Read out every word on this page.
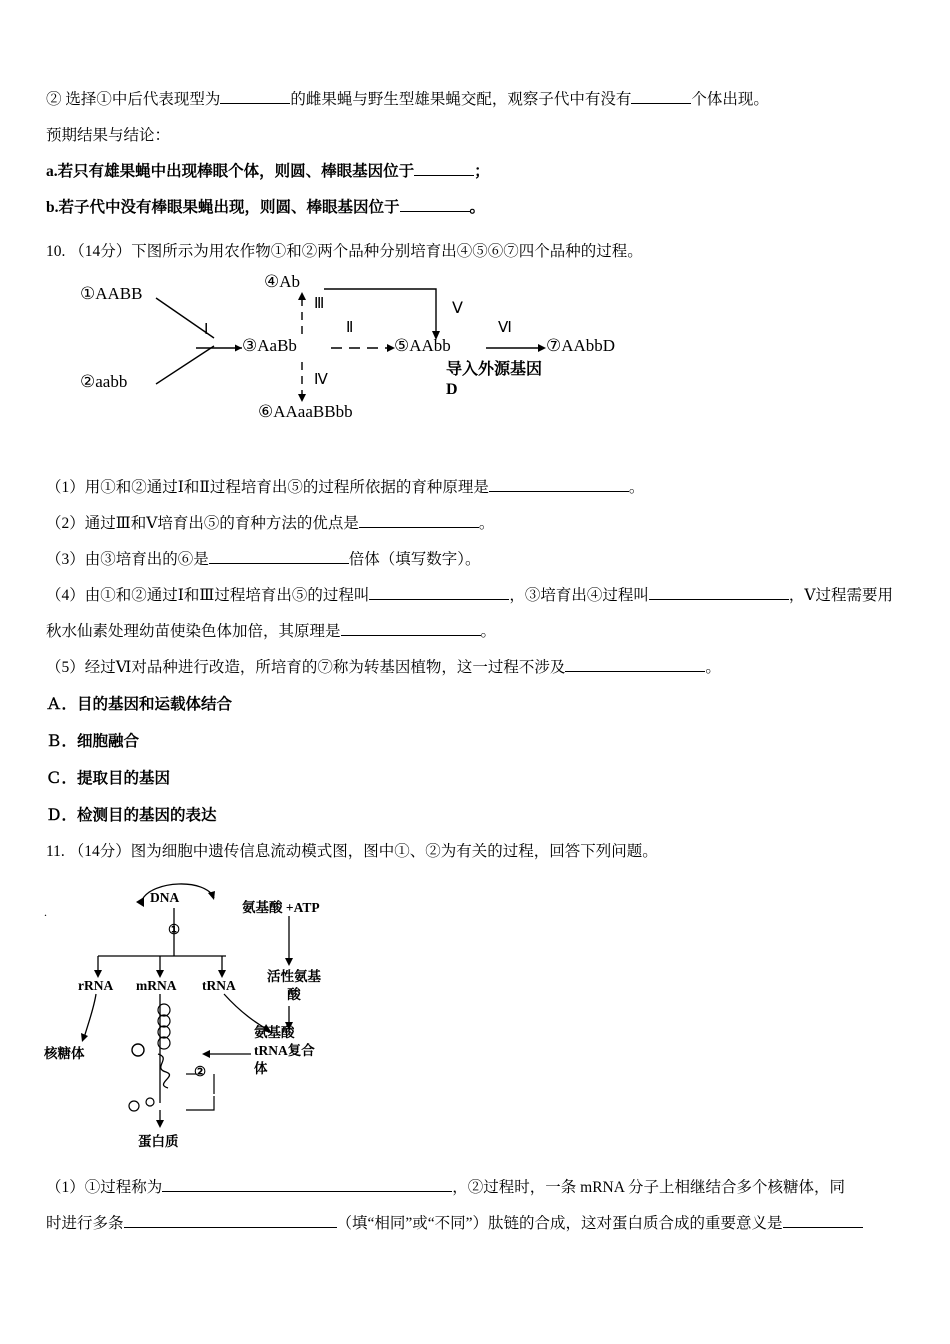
.

② 选择①中后代表现型为	的雌果蝇与野生型雄果蝇交配，观察子代中有没有	个体出现。

预期结果与结论：

a.若只有雄果蝇中出现棒眼个体，则圆、棒眼基因位于	；

b.若子代中没有棒眼果蝇出现，则圆、棒眼基因位于	。

10. （14分）下图所示为用农作物①和②两个品种分别培育出④⑤⑥⑦四个品种的过程。

①AABB
②aabb
③AaBb
④Ab
⑤AAbb
⑥AAaaBBbb
⑦AAbbD
Ⅰ	Ⅱ
Ⅲ
Ⅳ
Ⅴ
Ⅵ
导入外源基因D

（1）用①和②通过Ⅰ和Ⅱ过程培育出⑤的过程所依据的育种原理是	。

（2）通过Ⅲ和Ⅴ培育出⑤的育种方法的优点是	。

（3）由③培育出的⑥是	倍体（填写数字）。

（4）由①和②通过Ⅰ和Ⅲ过程培育出⑤的过程叫	，③培育出④过程叫	，Ⅴ过程需要用

秋水仙素处理幼苗使染色体加倍，其原理是	。

（5）经过Ⅵ对品种进行改造，所培育的⑦称为转基因植物，这一过程不涉及	。

Ａ．目的基因和运载体结合

Ｂ．细胞融合

Ｃ．提取目的基因

Ｄ．检测目的基因的表达

11. （14分）图为细胞中遗传信息流动模式图，图中①、②为有关的过程，回答下列问题。

DNA
①
氨基酸 +ATP
rRNA mRNA tRNA
活性氨基酸
核糖体
氨基酸tRNA复合体
②
蛋白质

（1）①过程称为	，②过程时，一条 mRNA 分子上相继结合多个核糖体，同

时进行多条	（填“相同”或“不同”）肽链的合成，这对蛋白质合成的重要意义是
